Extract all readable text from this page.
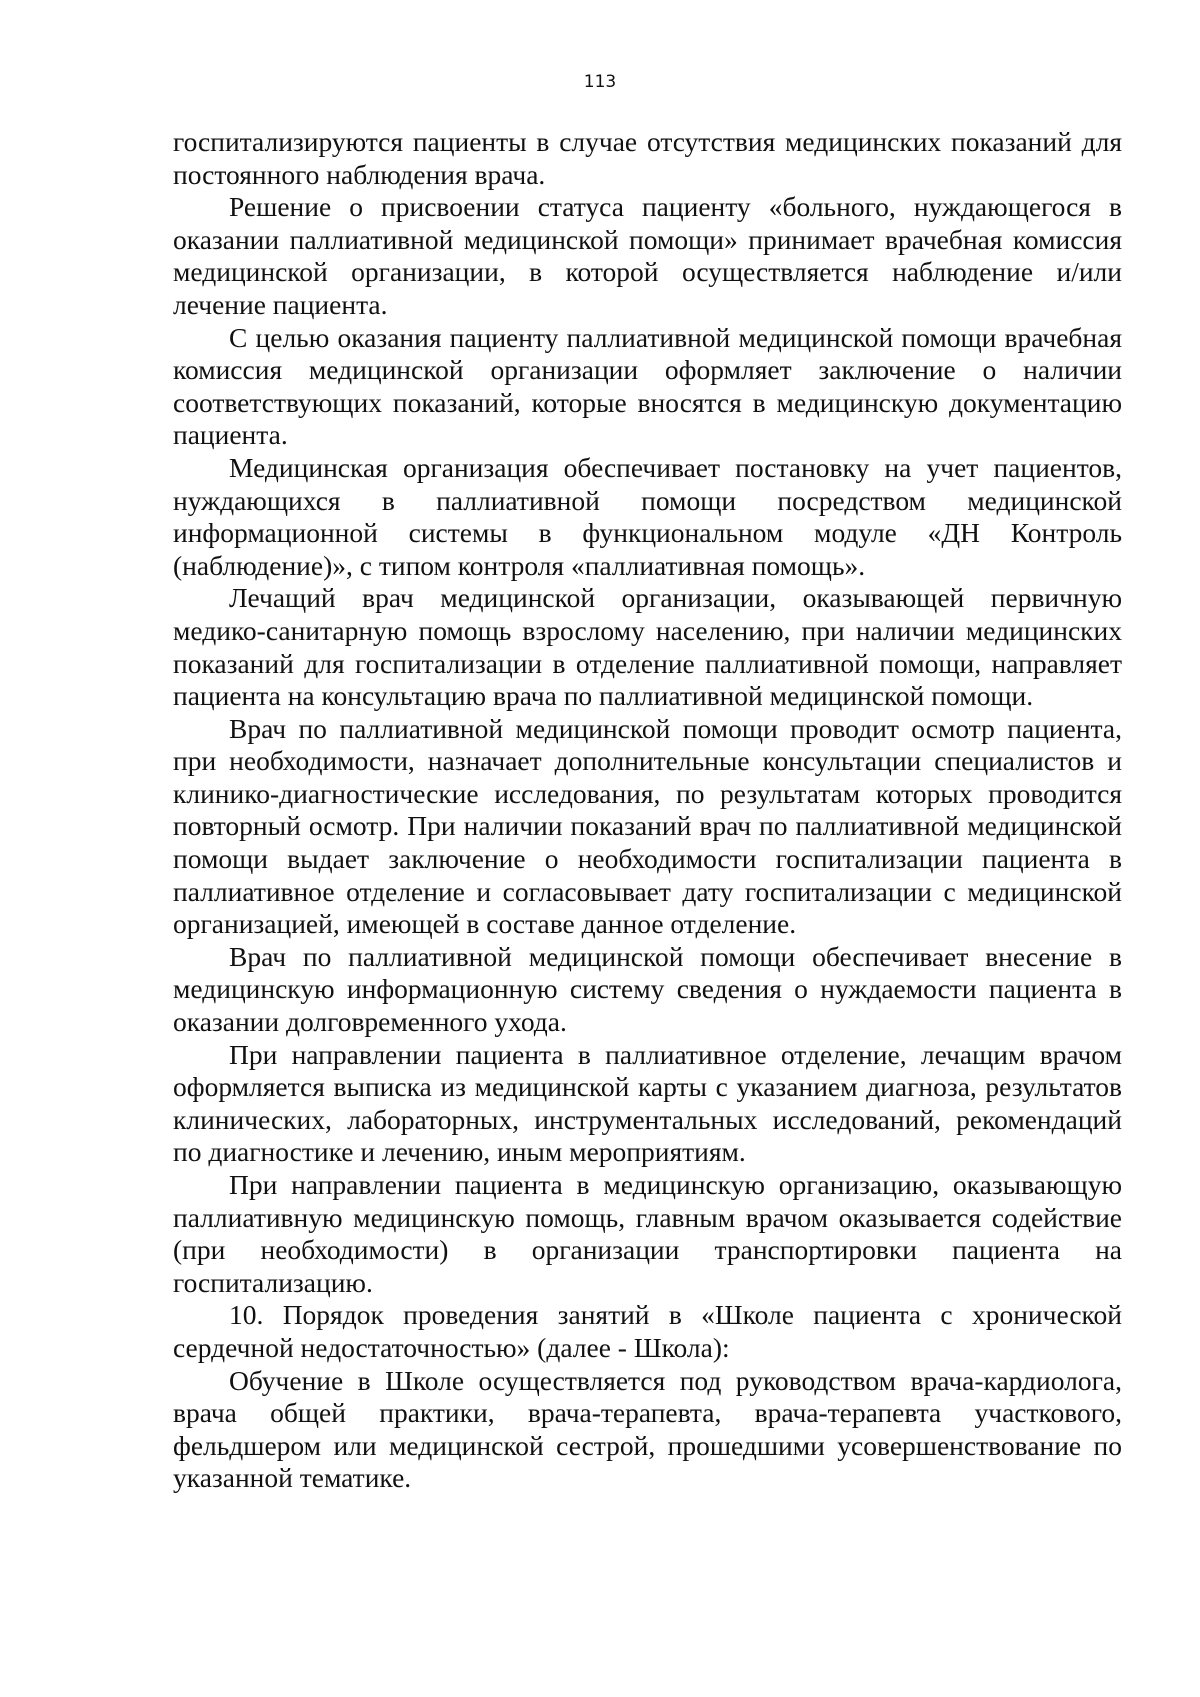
113

госпитализируются пациенты в случае отсутствия медицинских показаний для постоянного наблюдения врача.

Решение о присвоении статуса пациенту «больного, нуждающегося в оказании паллиативной медицинской помощи» принимает врачебная комиссия медицинской организации, в которой осуществляется наблюдение и/или лечение пациента.

С целью оказания пациенту паллиативной медицинской помощи врачебная комиссия медицинской организации оформляет заключение о наличии соответствующих показаний, которые вносятся в медицинскую документацию пациента.

Медицинская организация обеспечивает постановку на учет пациентов, нуждающихся в паллиативной помощи посредством медицинской информационной системы в функциональном модуле «ДН Контроль (наблюдение)», с типом контроля «паллиативная помощь».

Лечащий врач медицинской организации, оказывающей первичную медико-санитарную помощь взрослому населению, при наличии медицинских показаний для госпитализации в отделение паллиативной помощи, направляет пациента на консультацию врача по паллиативной медицинской помощи.

Врач по паллиативной медицинской помощи проводит осмотр пациента, при необходимости, назначает дополнительные консультации специалистов и клинико-диагностические исследования, по результатам которых проводится повторный осмотр. При наличии показаний врач по паллиативной медицинской помощи выдает заключение о необходимости госпитализации пациента в паллиативное отделение и согласовывает дату госпитализации с медицинской организацией, имеющей в составе данное отделение.

Врач по паллиативной медицинской помощи обеспечивает внесение в медицинскую информационную систему сведения о нуждаемости пациента в оказании долговременного ухода.

При направлении пациента в паллиативное отделение, лечащим врачом оформляется выписка из медицинской карты с указанием диагноза, результатов клинических, лабораторных, инструментальных исследований, рекомендаций по диагностике и лечению, иным мероприятиям.

При направлении пациента в медицинскую организацию, оказывающую паллиативную медицинскую помощь, главным врачом оказывается содействие (при необходимости) в организации транспортировки пациента на госпитализацию.

10. Порядок проведения занятий в «Школе пациента с хронической сердечной недостаточностью» (далее - Школа):

Обучение в Школе осуществляется под руководством врача-кардиолога, врача общей практики, врача-терапевта, врача-терапевта участкового, фельдшером или медицинской сестрой, прошедшими усовершенствование по указанной тематике.
